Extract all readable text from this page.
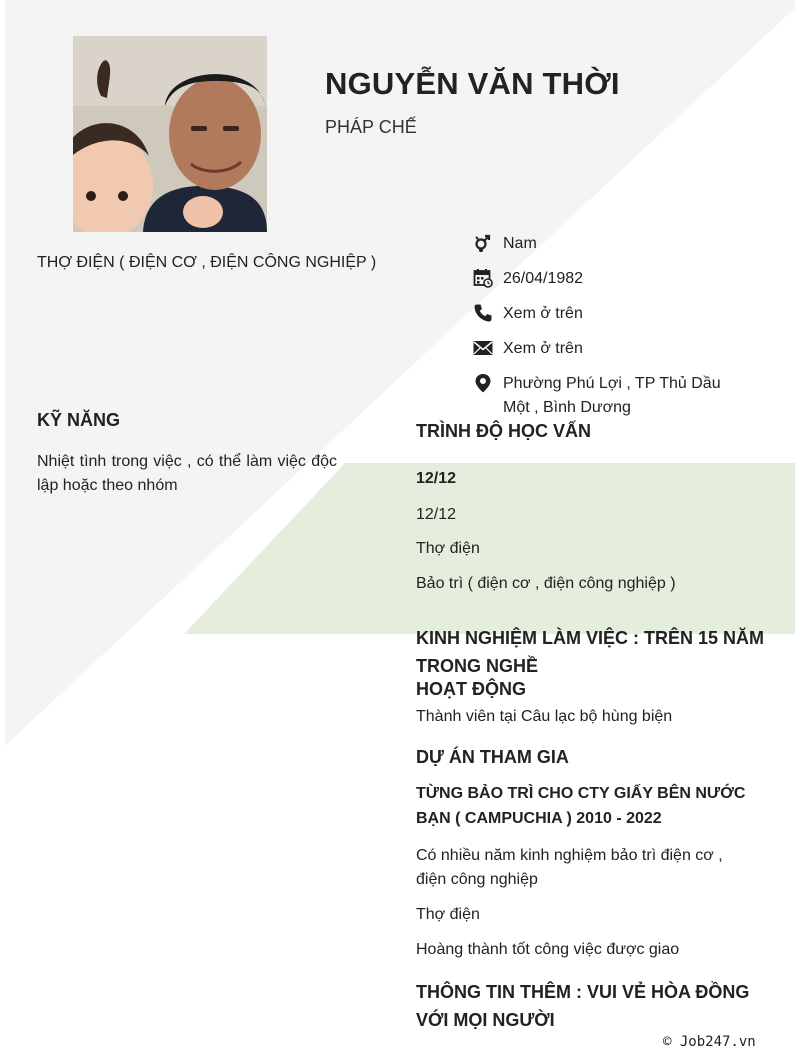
NGUYỄN VĂN THỜI
PHÁP CHẾ
THỢ ĐIỆN ( ĐIỆN CƠ , ĐIỆN CÔNG NGHIỆP )
Nam
26/04/1982
Xem ở trên
Xem ở trên
Phường Phú Lợi , TP Thủ Dầu Một , Bình Dương
KỸ NĂNG
Nhiệt tình trong việc , có thể làm việc độc lập hoặc theo nhóm
TRÌNH ĐỘ HỌC VẤN
12/12
12/12
Thợ điện
Bảo trì ( điện cơ , điện công nghiệp )
KINH NGHIỆM LÀM VIỆC : TRÊN 15 NĂM TRONG NGHỀ
HOẠT ĐỘNG
Thành viên tại Câu lạc bộ hùng biện
DỰ ÁN THAM GIA
TỪNG BẢO TRÌ CHO CTY GIẤY BÊN NƯỚC BẠN ( CAMPUCHIA ) 2010 - 2022
Có nhiều năm kinh nghiệm bảo trì điện cơ , điện công nghiệp
Thợ điện
Hoàng thành tốt công việc được giao
THÔNG TIN THÊM : VUI VẺ HÒA ĐỒNG VỚI MỌI NGƯỜI
© Job247.vn
